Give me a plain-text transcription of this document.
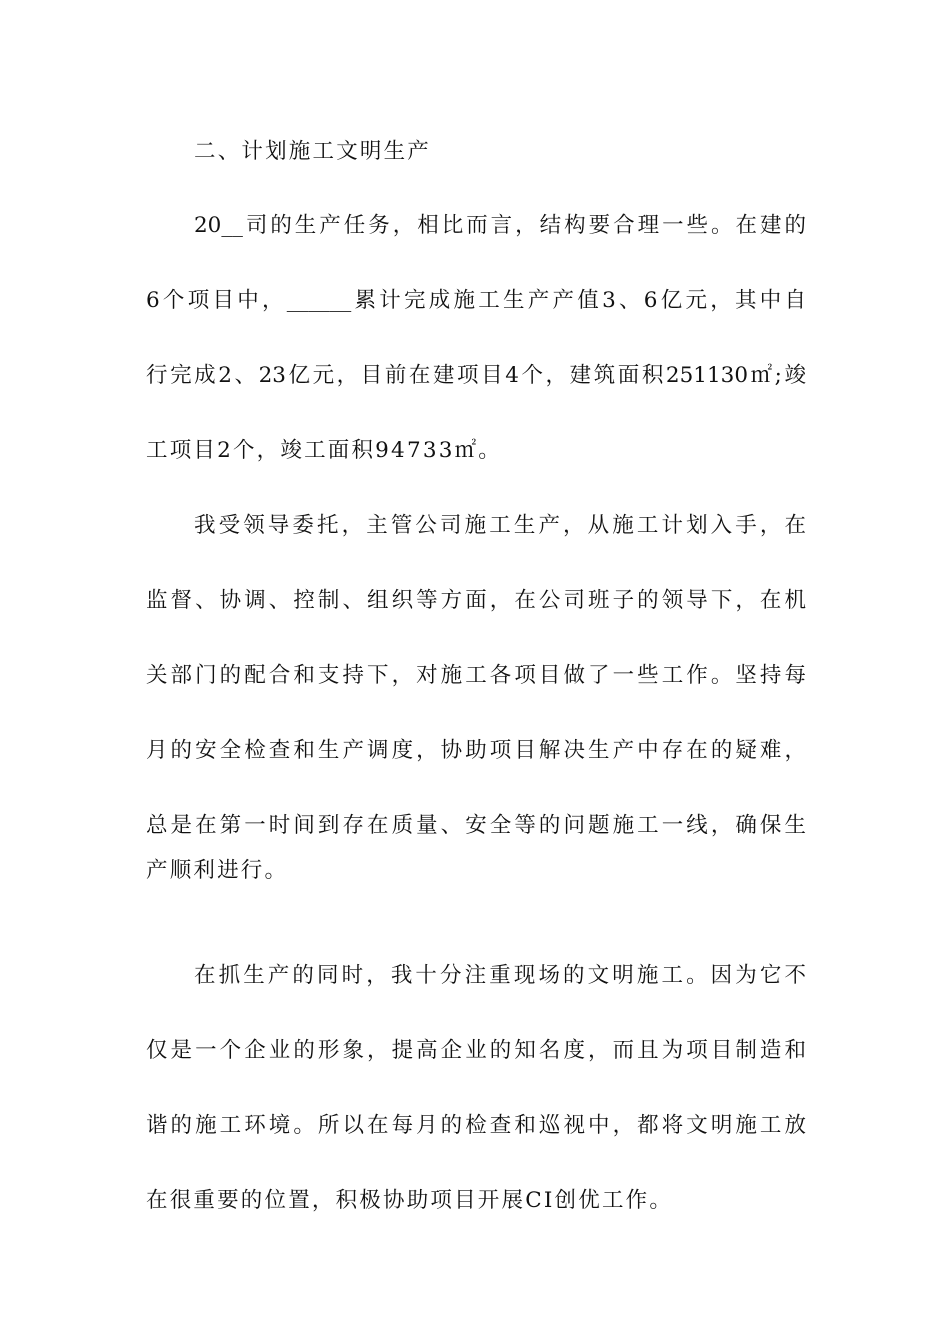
二、计划施工文明生产

20__司的生产任务，相比而言，结构要合理一些。在建的

6个项目中，______累计完成施工生产产值3、6亿元，其中自

行完成2、23亿元，目前在建项目4个，建筑面积251130㎡;竣

工项目2个，竣工面积94733㎡。

我受领导委托，主管公司施工生产，从施工计划入手，在

监督、协调、控制、组织等方面，在公司班子的领导下，在机

关部门的配合和支持下，对施工各项目做了一些工作。坚持每

月的安全检查和生产调度，协助项目解决生产中存在的疑难，

总是在第一时间到存在质量、安全等的问题施工一线，确保生

产顺利进行。

在抓生产的同时，我十分注重现场的文明施工。因为它不

仅是一个企业的形象，提高企业的知名度，而且为项目制造和

谐的施工环境。所以在每月的检查和巡视中，都将文明施工放

在很重要的位置，积极协助项目开展CI创优工作。
